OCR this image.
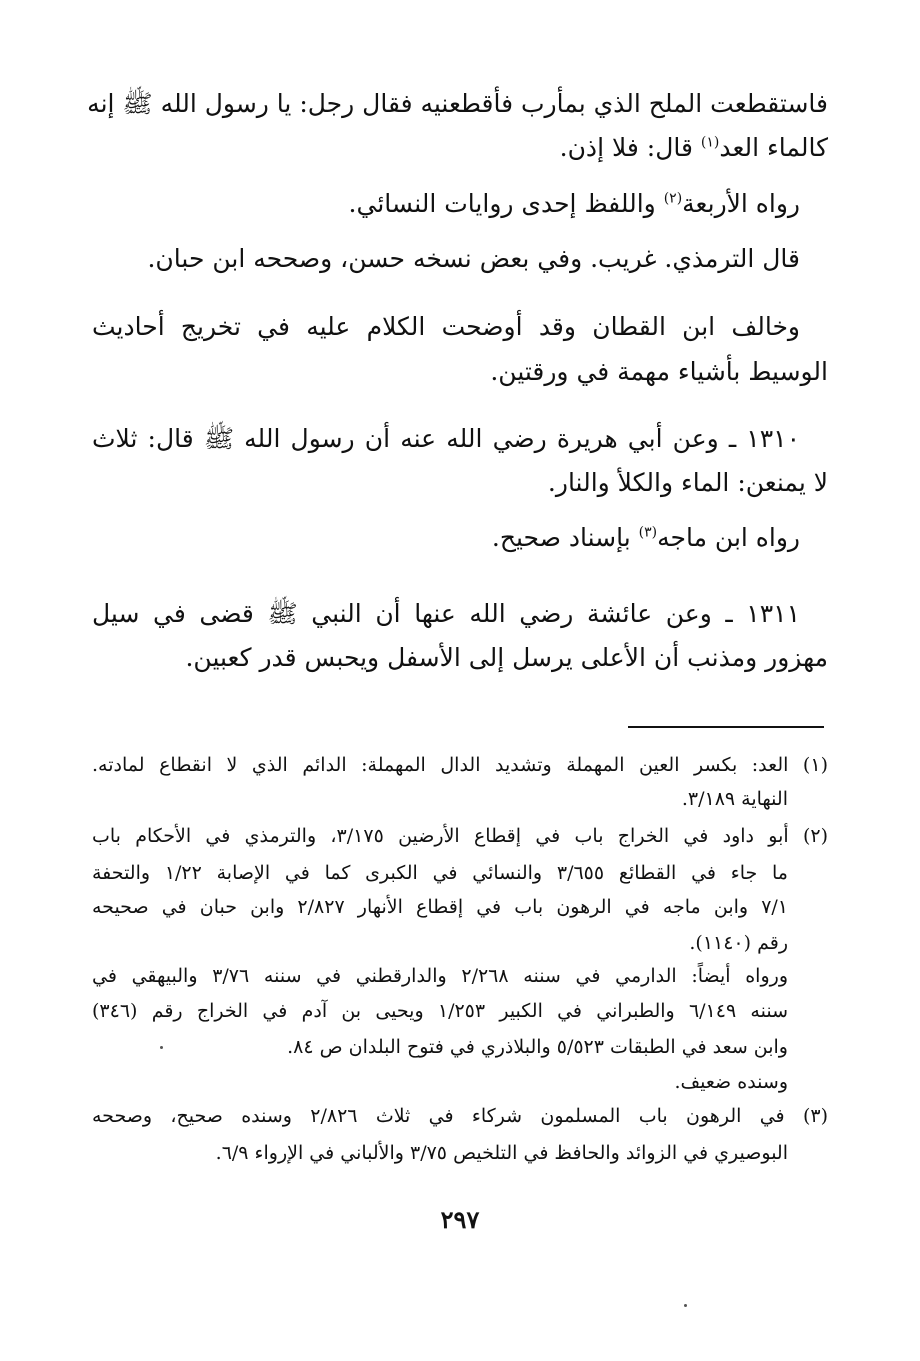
فاستقطعت الملح الذي بمأرب فأقطعنيه فقال رجل: يا رسول الله ﷺ إنه
كالماء العد$^{(١)}$ قال: فلا إذن.
رواه الأربعة$^{(٢)}$ واللفظ إحدى روايات النسائي.
قال الترمذي. غريب. وفي بعض نسخه حسن، وصححه ابن حبان.
وخالف ابن القطان وقد أوضحت الكلام عليه في تخريج أحاديث
الوسيط بأشياء مهمة في ورقتين.
١٣١٠ ـ وعن أبي هريرة رضي الله عنه أن رسول الله ﷺ قال: ثلاث
لا يمنعن: الماء والكلأ والنار.
رواه ابن ماجه$^{(٣)}$ بإسناد صحيح.
١٣١١ ـ وعن عائشة رضي الله عنها أن النبي ﷺ قضى في سيل
مهزور ومذنب أن الأعلى يرسل إلى الأسفل ويحبس قدر كعبين.
(١) العد: بكسر العين المهملة وتشديد الدال المهملة: الدائم الذي لا انقطاع لمادته.
النهاية ٣/١٨٩.
(٢) أبو داود في الخراج باب في إقطاع الأرضين ٣/١٧٥، والترمذي في الأحكام باب
ما جاء في القطائع ٣/٦٥٥ والنسائي في الكبرى كما في الإصابة ١/٢٢ والتحفة
٧/١ وابن ماجه في الرهون باب في إقطاع الأنهار ٢/٨٢٧ وابن حبان في صحيحه
رقم (١١٤٠).
ورواه أيضاً: الدارمي في سننه ٢/٢٦٨ والدارقطني في سننه ٣/٧٦ والبيهقي في
سننه ٦/١٤٩ والطبراني في الكبير ١/٢٥٣ ويحيى بن آدم في الخراج رقم (٣٤٦)
وابن سعد في الطبقات ٥/٥٢٣ والبلاذري في فتوح البلدان ص ٨٤.
وسنده ضعيف.
(٣) في الرهون باب المسلمون شركاء في ثلاث ٢/٨٢٦ وسنده صحيح، وصححه
البوصيري في الزوائد والحافظ في التلخيص ٣/٧٥ والألباني في الإرواء ٦/٩.
٢٩٧
